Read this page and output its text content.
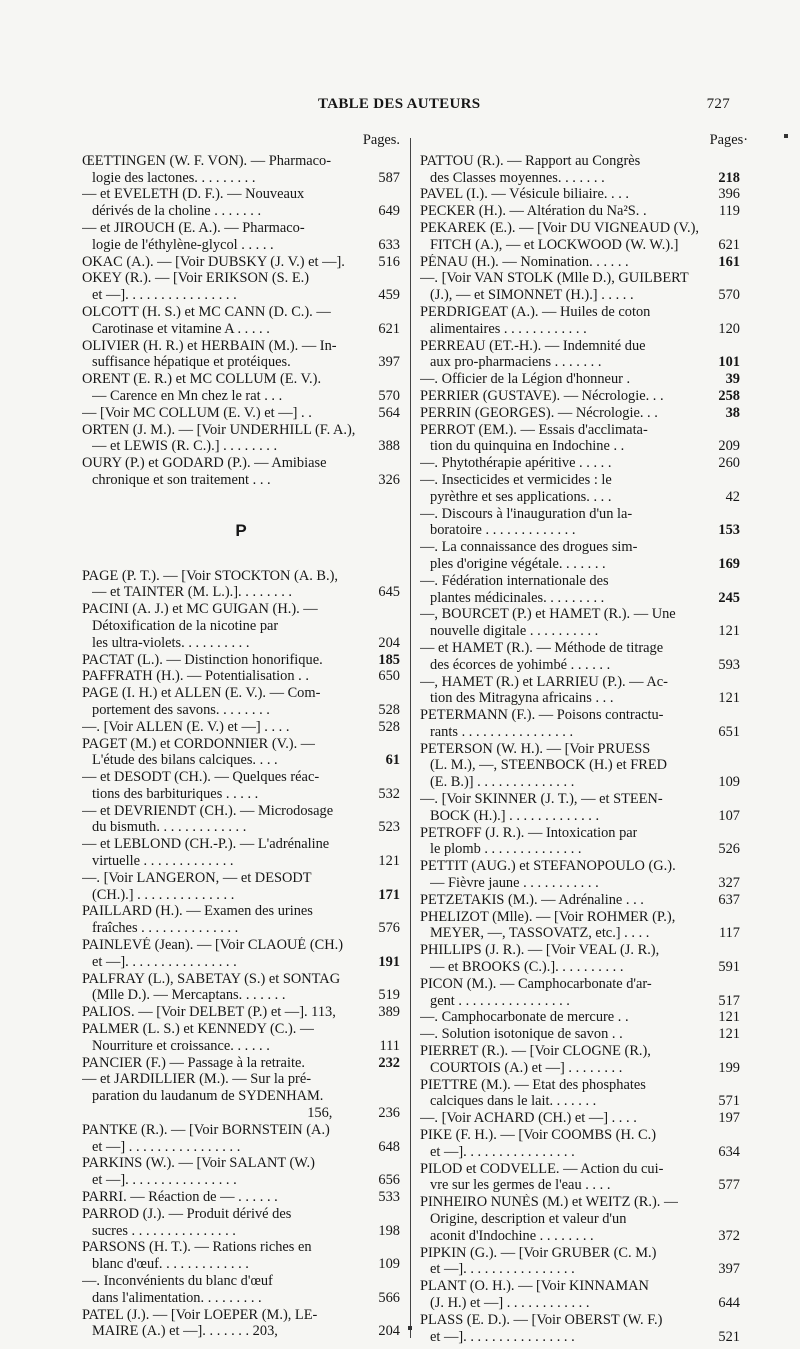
TABLE DES AUTEURS	727
Pages.
ŒETTINGEN (W. F. VON). — Pharmaco-
logie des lactones. . . . . . . . .	587
— et EVELETH (D. F.). — Nouveaux
dérivés de la choline . . . . . . .	649
— et JIROUCH (E. A.). — Pharmaco-
logie de l'éthylène-glycol . . . . .	633
OKAC (A.). — [Voir DUBSKY (J. V.) et —]. 516
OKEY (R.). — [Voir ERIKSON (S. E.)
et —]. . . . . . . . . . . . . . . .	459
OLCOTT (H. S.) et MC CANN (D. C.). —
Carotinase et vitamine A . . . . .	621
OLIVIER (H. R.) et HERBAIN (M.). — In-
suffisance hépatique et protéiques.	397
ORENT (E. R.) et MC COLLUM (E. V.).
— Carence en Mn chez le rat . . .	570
— [Voir MC COLLUM (E. V.) et —] . .	564
ORTEN (J. M.). — [Voir UNDERHILL (F. A.),
— et LEWIS (R. C.).] . . . . . . . .	388
OURY (P.) et GODARD (P.). — Amibiase
chronique et son traitement . . .	326
P
PAGE (P. T.). — [Voir STOCKTON (A. B.),
— et TAINTER (M. L.).]. . . . . . . .	645
PACINI (A. J.) et MC GUIGAN (H.). —
Détoxification de la nicotine par
les ultra-violets. . . . . . . . . .	204
PACTAT (L.). — Distinction honorifique.	185
PAFFRATH (H.). — Potentialisation . .	650
PAGE (I. H.) et ALLEN (E. V.). — Com-
portement des savons. . . . . . . .	528
—. [Voir ALLEN (E. V.) et —] . . . .	528
PAGET (M.) et CORDONNIER (V.). —
L'étude des bilans calciques. . . .	61
— et DESODT (CH.). — Quelques réac-
tions des barbituriques . . . . .	532
— et DEVRIENDT (CH.). — Microdosage
du bismuth. . . . . . . . . . . . .	523
— et LEBLOND (CH.-P.). — L'adrénaline
virtuelle . . . . . . . . . . . . .	121
—. [Voir LANGERON, — et DESODT
(CH.).] . . . . . . . . . . . . . .	171
PAILLARD (H.). — Examen des urines
fraîches . . . . . . . . . . . . . .	576
PAINLEVÉ (Jean). — [Voir CLAOUÉ (CH.)
et —]. . . . . . . . . . . . . . . .	191
PALFRAY (L.), SABETAY (S.) et SONTAG
(Mlle D.). — Mercaptans. . . . . . .	519
PALIOS. — [Voir DELBET (P.) et —]. 113,	389
PALMER (L. S.) et KENNEDY (C.). —
Nourriture et croissance. . . . . .	111
PANCIER (F.) — Passage à la retraite.	232
— et JARDILLIER (M.). — Sur la pré-
paration du laudanum de SYDENHAM.
156,	236
PANTKE (R.). — [Voir BORNSTEIN (A.)
et —] . . . . . . . . . . . . . . . .	648
PARKINS (W.). — [Voir SALANT (W.)
et —]. . . . . . . . . . . . . . . .	656
PARRI. — Réaction de — . . . . . .	533
PARROD (J.). — Produit dérivé des
sucres . . . . . . . . . . . . . . .	198
PARSONS (H. T.). — Rations riches en
blanc d'œuf. . . . . . . . . . . . .	109
—. Inconvénients du blanc d'œuf
dans l'alimentation. . . . . . . . .	566
PATEL (J.). — [Voir LOEPER (M.), LE-
MAIRE (A.) et —]. . . . . . . 203,	204
Pages·
PATTOU (R.). — Rapport au Congrès
des Classes moyennes. . . . . . .	218
PAVEL (I.). — Vésicule biliaire. . . .	396
PECKER (H.). — Altération du Na²S. .	119
PEKAREK (E.). — [Voir DU VIGNEAUD (V.),
FITCH (A.), — et LOCKWOOD (W. W.).]	621
PÉNAU (H.). — Nomination. . . . . .	161
—. [Voir VAN STOLK (Mlle D.), GUILBERT
(J.), — et SIMONNET (H.).] . . . . .	570
PERDRIGEAT (A.). — Huiles de coton
alimentaires . . . . . . . . . . . .	120
PERREAU (ET.-H.). — Indemnité due
aux pro-pharmaciens . . . . . . .	101
—. Officier de la Légion d'honneur .	39
PERRIER (GUSTAVE). — Nécrologie. . .	258
PERRIN (GEORGES). — Nécrologie. . .	38
PERROT (EM.). — Essais d'acclimata-
tion du quinquina en Indochine . .	209
—. Phytothérapie apéritive . . . . .	260
—. Insecticides et vermicides : le
pyrèthre et ses applications. . . .	42
—. Discours à l'inauguration d'un la-
boratoire . . . . . . . . . . . . .	153
—. La connaissance des drogues sim-
ples d'origine végétale. . . . . . .	169
—. Fédération internationale des
plantes médicinales. . . . . . . . .	245
—, BOURCET (P.) et HAMET (R.). — Une
nouvelle digitale . . . . . . . . . .	121
— et HAMET (R.). — Méthode de titrage
des écorces de yohimbé . . . . . .	593
—, HAMET (R.) et LARRIEU (P.). — Ac-
tion des Mitragyna africains . . .	121
PETERMANN (F.). — Poisons contractu-
rants . . . . . . . . . . . . . . . .	651
PETERSON (W. H.). — [Voir PRUESS
(L. M.), —, STEENBOCK (H.) et FRED
(E. B.)] . . . . . . . . . . . . . .	109
—. [Voir SKINNER (J. T.), — et STEEN-
BOCK (H.).] . . . . . . . . . . . . .	107
PETROFF (J. R.). — Intoxication par
le plomb . . . . . . . . . . . . . .	526
PETTIT (AUG.) et STEFANOPOULO (G.).
— Fièvre jaune . . . . . . . . . . .	327
PETZETAKIS (M.). — Adrénaline . . .	637
PHELIZOT (Mlle). — [Voir ROHMER (P.),
MEYER, —, TASSOVATZ, etc.] . . . .	117
PHILLIPS (J. R.). — [Voir VEAL (J. R.),
— et BROOKS (C.).]. . . . . . . . . .	591
PICON (M.). — Camphocarbonate d'ar-
gent . . . . . . . . . . . . . . . .	517
—. Camphocarbonate de mercure . .	121
—. Solution isotonique de savon . .	121
PIERRET (R.). — [Voir CLOGNE (R.),
COURTOIS (A.) et —] . . . . . . . .	199
PIETTRE (M.). — Etat des phosphates
calciques dans le lait. . . . . . .	571
—. [Voir ACHARD (CH.) et —] . . . .	197
PIKE (F. H.). — [Voir COOMBS (H. C.)
et —]. . . . . . . . . . . . . . . .	634
PILOD et CODVELLE. — Action du cui-
vre sur les germes de l'eau . . . .	577
PINHEIRO NUNÈS (M.) et WEITZ (R.). —
Origine, description et valeur d'un
aconit d'Indochine . . . . . . . .	372
PIPKIN (G.). — [Voir GRUBER (C. M.)
et —]. . . . . . . . . . . . . . . .	397
PLANT (O. H.). — [Voir KINNAMAN
(J. H.) et —] . . . . . . . . . . . .	644
PLASS (E. D.). — [Voir OBERST (W. F.)
et —]. . . . . . . . . . . . . . . .	521
